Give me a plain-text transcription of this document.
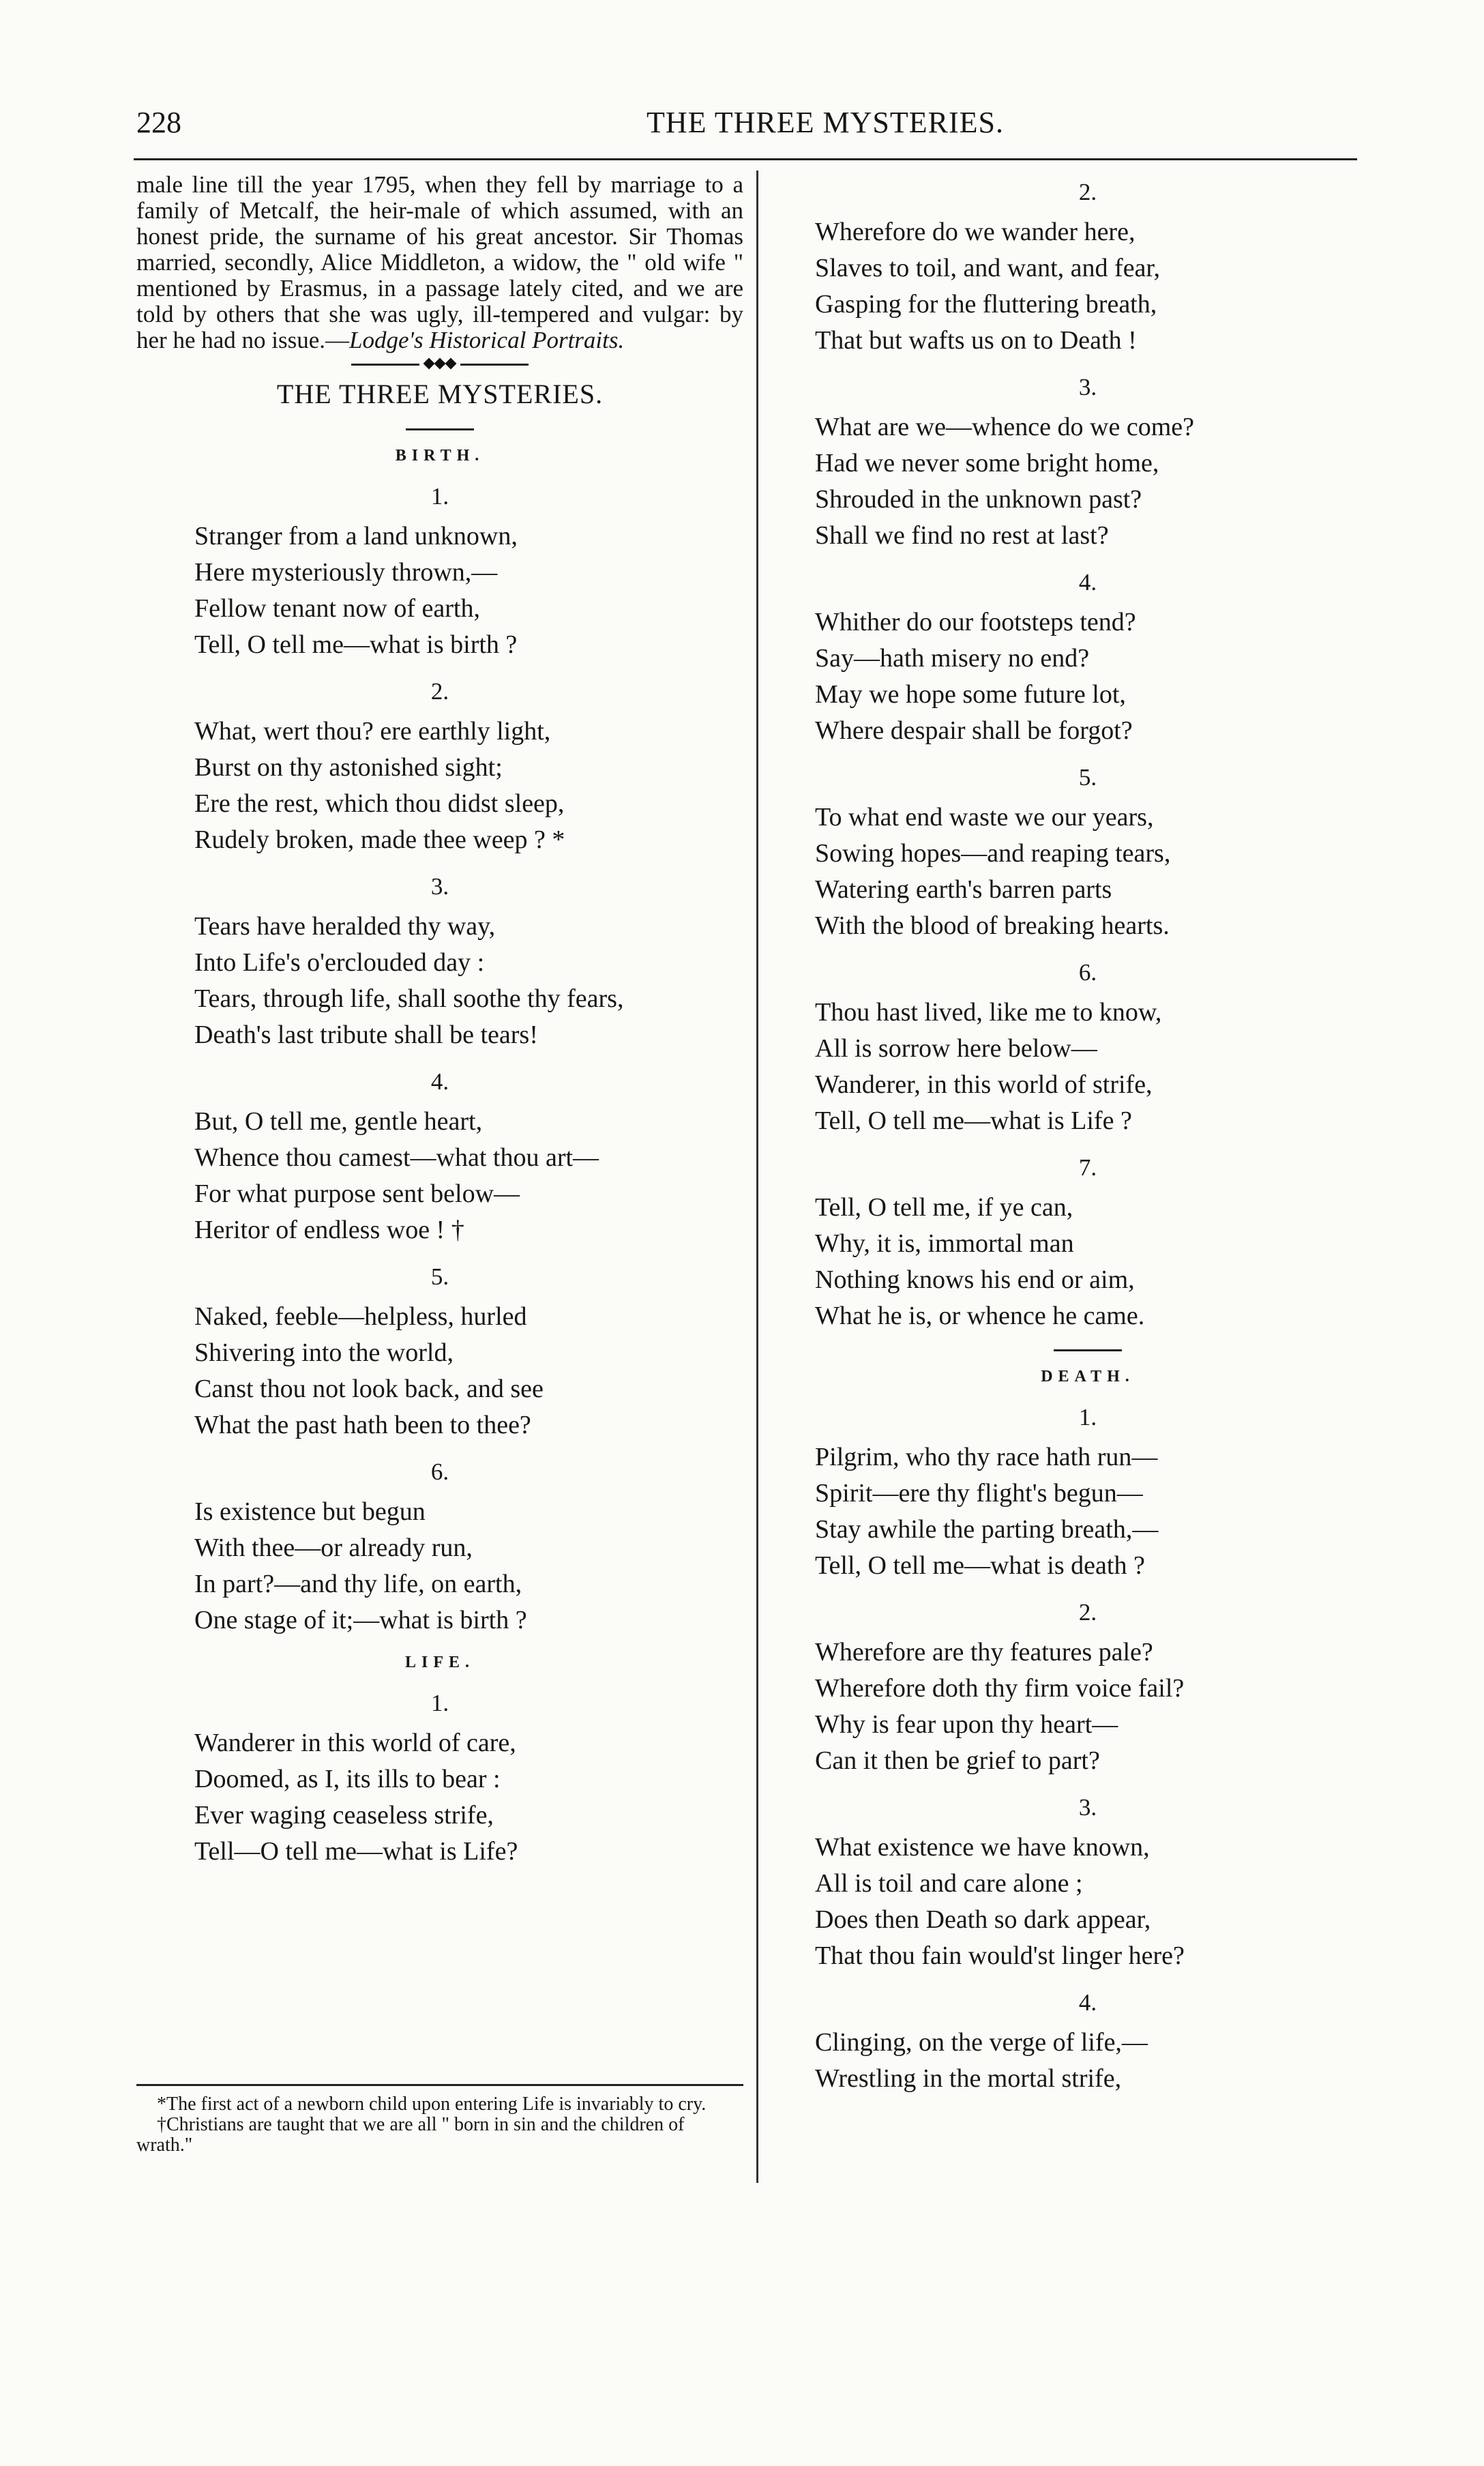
228	THE THREE MYSTERIES.

male line till the year 1795, when they fell by marriage to a family of Metcalf, the heir-male of which assumed, with an honest pride, the surname of his great ancestor. Sir Thomas married, secondly, Alice Middleton, a widow, the " old wife " mentioned by Erasmus, in a passage lately cited, and we are told by others that she was ugly, ill-tempered and vulgar: by her he had no issue.—Lodge's Historical Portraits.

THE THREE MYSTERIES.
BIRTH.
1.
Stranger from a land unknown,
Here mysteriously thrown,—
Fellow tenant now of earth,
Tell, O tell me—what is birth ?
2.
What, wert thou? ere earthly light,
Burst on thy astonished sight;
Ere the rest, which thou didst sleep,
Rudely broken, made thee weep ? *
3.
Tears have heralded thy way,
Into Life's o'erclouded day :
Tears, through life, shall soothe thy fears,
Death's last tribute shall be tears!
4.
But, O tell me, gentle heart,
Whence thou camest—what thou art—
For what purpose sent below—
Heritor of endless woe ! †
5.
Naked, feeble—helpless, hurled
Shivering into the world,
Canst thou not look back, and see
What the past hath been to thee?
6.
Is existence but begun
With thee—or already run,
In part?—and thy life, on earth,
One stage of it;—what is birth ?
LIFE.
1.
Wanderer in this world of care,
Doomed, as I, its ills to bear :
Ever waging ceaseless strife,
Tell—O tell me—what is Life?

*The first act of a newborn child upon entering Life is invariably to cry.

†Christians are taught that we are all " born in sin and the children of wrath."

2.
Wherefore do we wander here,
Slaves to toil, and want, and fear,
Gasping for the fluttering breath,
That but wafts us on to Death !
3.
What are we—whence do we come?
Had we never some bright home,
Shrouded in the unknown past?
Shall we find no rest at last?
4.
Whither do our footsteps tend?
Say—hath misery no end?
May we hope some future lot,
Where despair shall be forgot?
5.
To what end waste we our years,
Sowing hopes—and reaping tears,
Watering earth's barren parts
With the blood of breaking hearts.
6.
Thou hast lived, like me to know,
All is sorrow here below—
Wanderer, in this world of strife,
Tell, O tell me—what is Life ?
7.
Tell, O tell me, if ye can,
Why, it is, immortal man
Nothing knows his end or aim,
What he is, or whence he came.
DEATH.
1.
Pilgrim, who thy race hath run—
Spirit—ere thy flight's begun—
Stay awhile the parting breath,—
Tell, O tell me—what is death ?
2.
Wherefore are thy features pale?
Wherefore doth thy firm voice fail?
Why is fear upon thy heart—
Can it then be grief to part?
3.
What existence we have known,
All is toil and care alone ;
Does then Death so dark appear,
That thou fain would'st linger here?
4.
Clinging, on the verge of life,—
Wrestling in the mortal strife,
